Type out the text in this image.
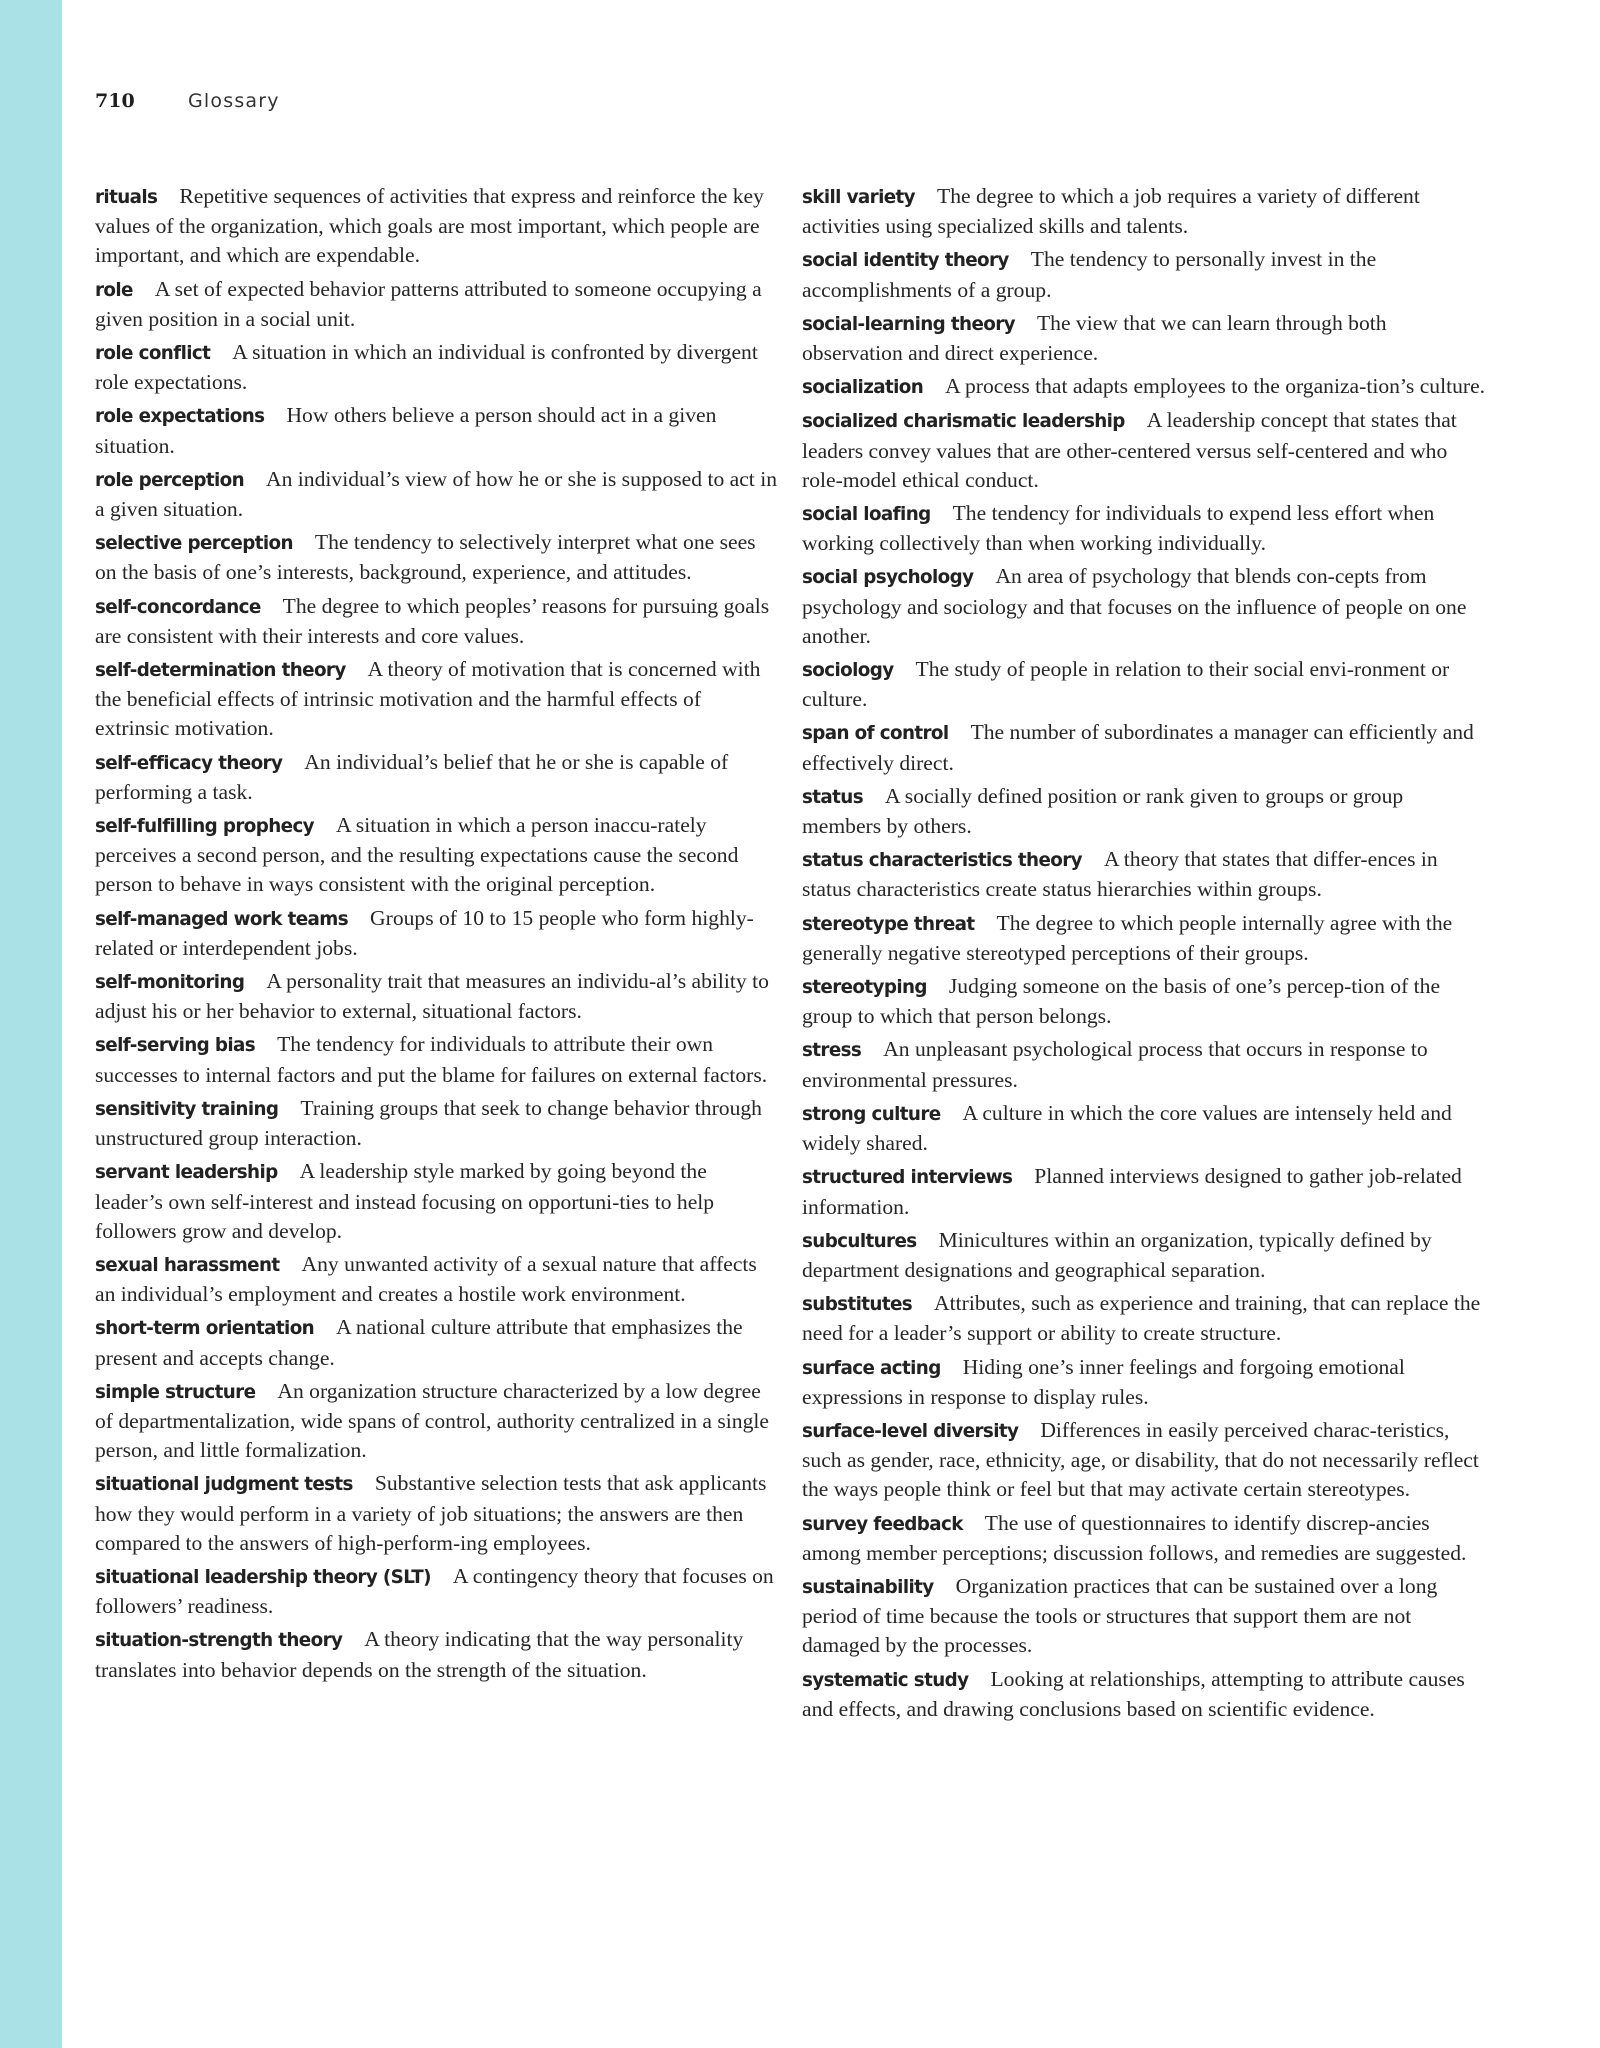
710	Glossary

rituals Repetitive sequences of activities that express and reinforce the key values of the organization, which goals are most important, which people are important, and which are expendable.

role A set of expected behavior patterns attributed to someone occupying a given position in a social unit.

role conflict A situation in which an individual is confronted by divergent role expectations.

role expectations How others believe a person should act in a given situation.

role perception An individual’s view of how he or she is supposed to act in a given situation.

selective perception The tendency to selectively interpret what one sees on the basis of one’s interests, background, experience, and attitudes.

self-concordance The degree to which peoples’ reasons for pursuing goals are consistent with their interests and core values.

self-determination theory A theory of motivation that is concerned with the beneficial effects of intrinsic motivation and the harmful effects of extrinsic motivation.

self-efficacy theory An individual’s belief that he or she is capable of performing a task.

self-fulfilling prophecy A situation in which a person inaccu-rately perceives a second person, and the resulting expectations cause the second person to behave in ways consistent with the original perception.

self-managed work teams Groups of 10 to 15 people who form highly-related or interdependent jobs.

self-monitoring A personality trait that measures an individu-al’s ability to adjust his or her behavior to external, situational factors.

self-serving bias The tendency for individuals to attribute their own successes to internal factors and put the blame for failures on external factors.

sensitivity training Training groups that seek to change behavior through unstructured group interaction.

servant leadership A leadership style marked by going beyond the leader’s own self-interest and instead focusing on opportuni-ties to help followers grow and develop.

sexual harassment Any unwanted activity of a sexual nature that affects an individual’s employment and creates a hostile work environment.

short-term orientation A national culture attribute that emphasizes the present and accepts change.

simple structure An organization structure characterized by a low degree of departmentalization, wide spans of control, authority centralized in a single person, and little formalization.

situational judgment tests Substantive selection tests that ask applicants how they would perform in a variety of job situations; the answers are then compared to the answers of high-perform-ing employees.

situational leadership theory (SLT) A contingency theory that focuses on followers’ readiness.

situation-strength theory A theory indicating that the way personality translates into behavior depends on the strength of the situation.

skill variety The degree to which a job requires a variety of different activities using specialized skills and talents.

social identity theory The tendency to personally invest in the accomplishments of a group.

social-learning theory The view that we can learn through both observation and direct experience.

socialization A process that adapts employees to the organiza-tion’s culture.

socialized charismatic leadership A leadership concept that states that leaders convey values that are other-centered versus self-centered and who role-model ethical conduct.

social loafing The tendency for individuals to expend less effort when working collectively than when working individually.

social psychology An area of psychology that blends con-cepts from psychology and sociology and that focuses on the influence of people on one another.

sociology The study of people in relation to their social envi-ronment or culture.

span of control The number of subordinates a manager can efficiently and effectively direct.

status A socially defined position or rank given to groups or group members by others.

status characteristics theory A theory that states that differ-ences in status characteristics create status hierarchies within groups.

stereotype threat The degree to which people internally agree with the generally negative stereotyped perceptions of their groups.

stereotyping Judging someone on the basis of one’s percep-tion of the group to which that person belongs.

stress An unpleasant psychological process that occurs in response to environmental pressures.

strong culture A culture in which the core values are intensely held and widely shared.

structured interviews Planned interviews designed to gather job-related information.

subcultures Minicultures within an organization, typically defined by department designations and geographical separation.

substitutes Attributes, such as experience and training, that can replace the need for a leader’s support or ability to create structure.

surface acting Hiding one’s inner feelings and forgoing emotional expressions in response to display rules.

surface-level diversity Differences in easily perceived charac-teristics, such as gender, race, ethnicity, age, or disability, that do not necessarily reflect the ways people think or feel but that may activate certain stereotypes.

survey feedback The use of questionnaires to identify discrep-ancies among member perceptions; discussion follows, and remedies are suggested.

sustainability Organization practices that can be sustained over a long period of time because the tools or structures that support them are not damaged by the processes.

systematic study Looking at relationships, attempting to attribute causes and effects, and drawing conclusions based on scientific evidence.
